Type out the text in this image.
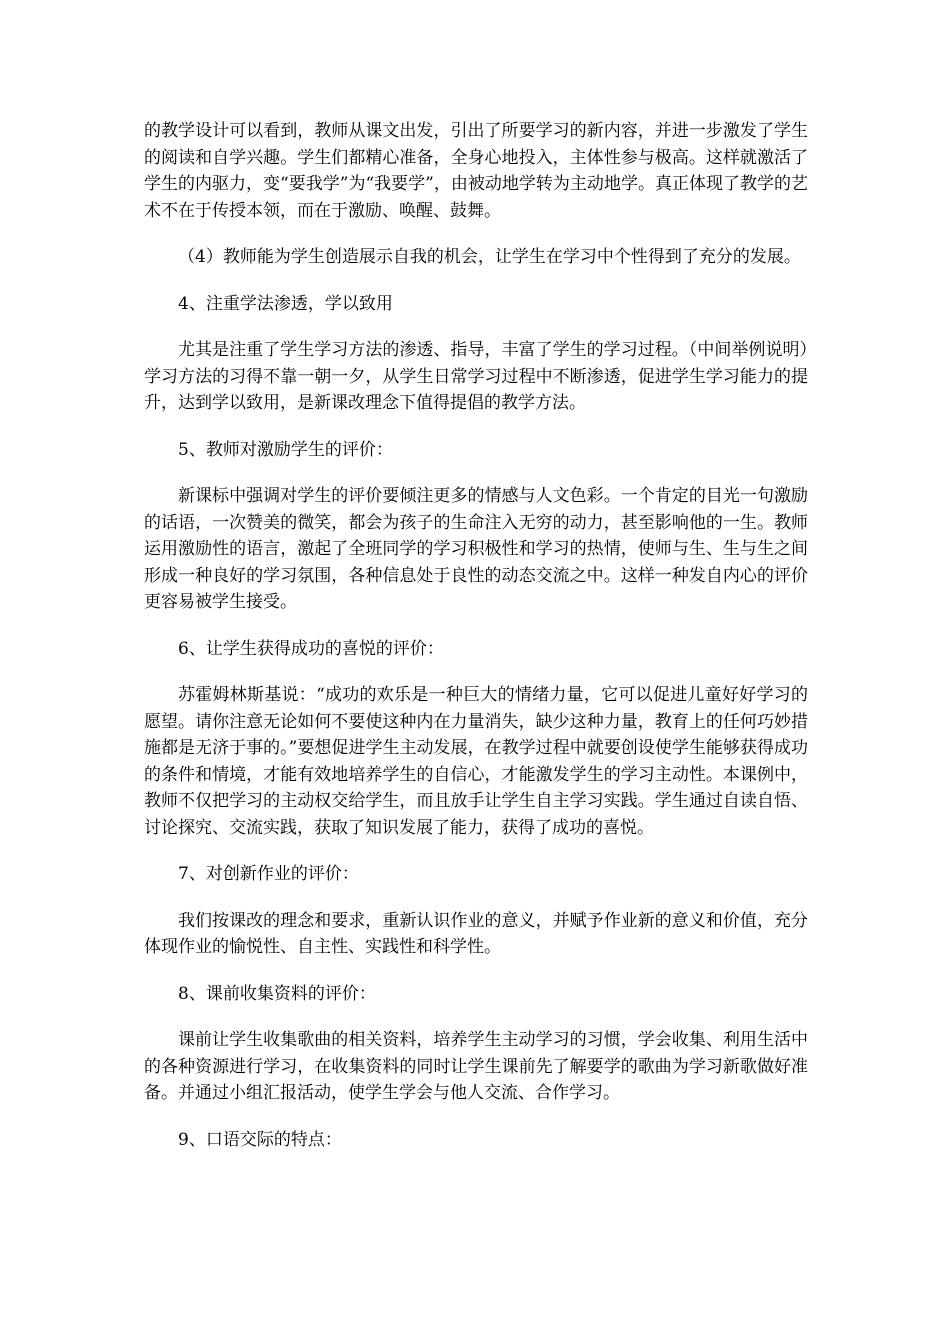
的教学设计可以看到，教师从课文出发，引出了所要学习的新内容，并进一步激发了学生的阅读和自学兴趣。学生们都精心准备，全身心地投入，主体性参与极高。这样就激活了学生的内驱力，变“要我学”为“我要学”，由被动地学转为主动地学。真正体现了教学的艺术不在于传授本领，而在于激励、唤醒、鼓舞。

（4）教师能为学生创造展示自我的机会，让学生在学习中个性得到了充分的发展。

4、注重学法渗透，学以致用

尤其是注重了学生学习方法的渗透、指导，丰富了学生的学习过程。（中间举例说明）学习方法的习得不靠一朝一夕，从学生日常学习过程中不断渗透，促进学生学习能力的提升，达到学以致用，是新课改理念下值得提倡的教学方法。

5、教师对激励学生的评价：

新课标中强调对学生的评价要倾注更多的情感与人文色彩。一个肯定的目光一句激励的话语，一次赞美的微笑，都会为孩子的生命注入无穷的动力，甚至影响他的一生。教师运用激励性的语言，激起了全班同学的学习积极性和学习的热情，使师与生、生与生之间形成一种良好的学习氛围，各种信息处于良性的动态交流之中。这样一种发自内心的评价更容易被学生接受。

6、让学生获得成功的喜悦的评价：

苏霍姆林斯基说：“成功的欢乐是一种巨大的情绪力量，它可以促进儿童好好学习的愿望。请你注意无论如何不要使这种内在力量消失，缺少这种力量，教育上的任何巧妙措施都是无济于事的。”要想促进学生主动发展，在教学过程中就要创设使学生能够获得成功的条件和情境，才能有效地培养学生的自信心，才能激发学生的学习主动性。本课例中，教师不仅把学习的主动权交给学生，而且放手让学生自主学习实践。学生通过自读自悟、讨论探究、交流实践，获取了知识发展了能力，获得了成功的喜悦。

7、对创新作业的评价：

我们按课改的理念和要求，重新认识作业的意义，并赋予作业新的意义和价值，充分体现作业的愉悦性、自主性、实践性和科学性。

8、课前收集资料的评价：

课前让学生收集歌曲的相关资料，培养学生主动学习的习惯，学会收集、利用生活中的各种资源进行学习，在收集资料的同时让学生课前先了解要学的歌曲为学习新歌做好准备。并通过小组汇报活动，使学生学会与他人交流、合作学习。

9、口语交际的特点：
